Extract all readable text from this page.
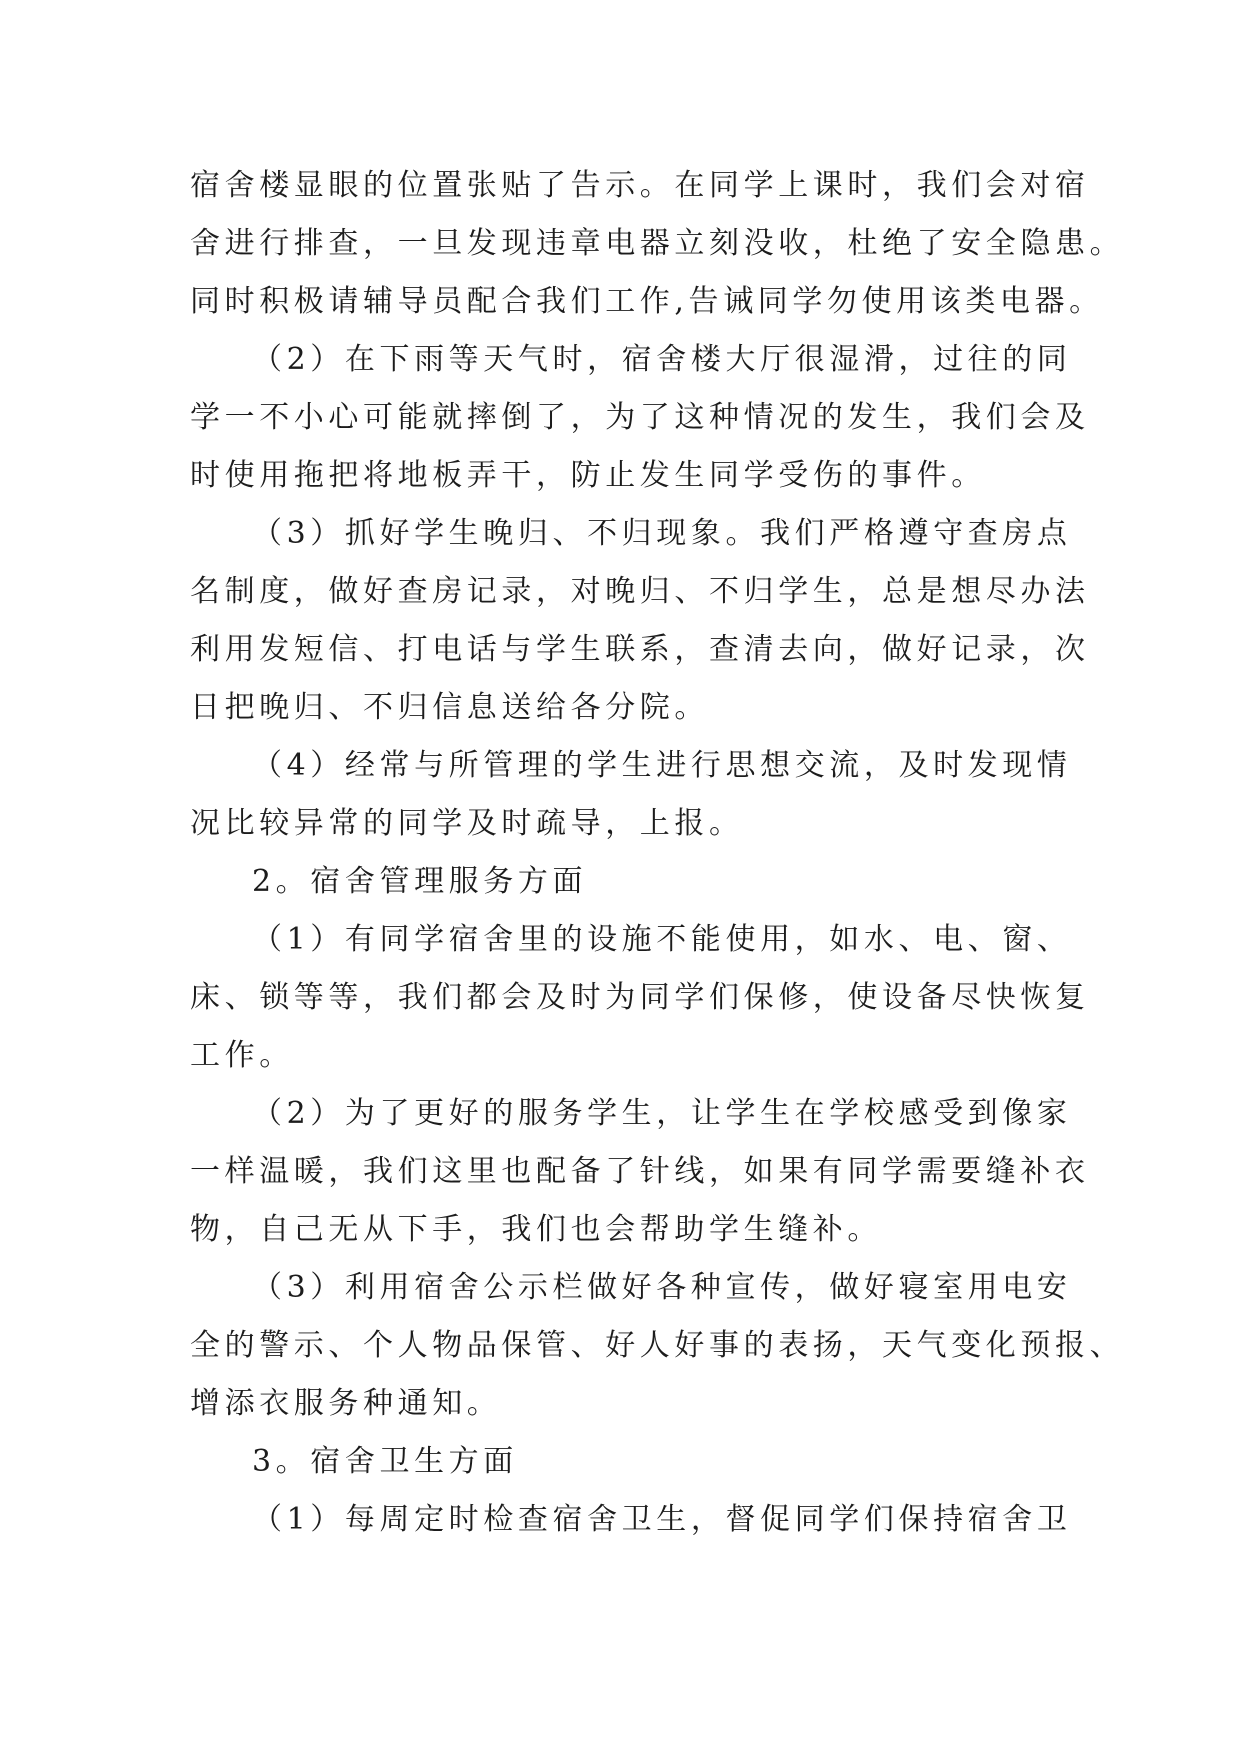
宿舍楼显眼的位置张贴了告示。在同学上课时，我们会对宿
舍进行排查，一旦发现违章电器立刻没收，杜绝了安全隐患。
同时积极请辅导员配合我们工作,告诫同学勿使用该类电器。
（2）在下雨等天气时，宿舍楼大厅很湿滑，过往的同
学一不小心可能就摔倒了，为了这种情况的发生，我们会及
时使用拖把将地板弄干，防止发生同学受伤的事件。
（3）抓好学生晚归、不归现象。我们严格遵守查房点
名制度，做好查房记录，对晚归、不归学生，总是想尽办法
利用发短信、打电话与学生联系，查清去向，做好记录，次
日把晚归、不归信息送给各分院。
（4）经常与所管理的学生进行思想交流，及时发现情
况比较异常的同学及时疏导，上报。
2。宿舍管理服务方面
（1）有同学宿舍里的设施不能使用，如水、电、窗、
床、锁等等，我们都会及时为同学们保修，使设备尽快恢复
工作。
（2）为了更好的服务学生，让学生在学校感受到像家
一样温暖，我们这里也配备了针线，如果有同学需要缝补衣
物，自己无从下手，我们也会帮助学生缝补。
（3）利用宿舍公示栏做好各种宣传，做好寝室用电安
全的警示、个人物品保管、好人好事的表扬，天气变化预报、
增添衣服务种通知。
3。宿舍卫生方面
（1）每周定时检查宿舍卫生，督促同学们保持宿舍卫
